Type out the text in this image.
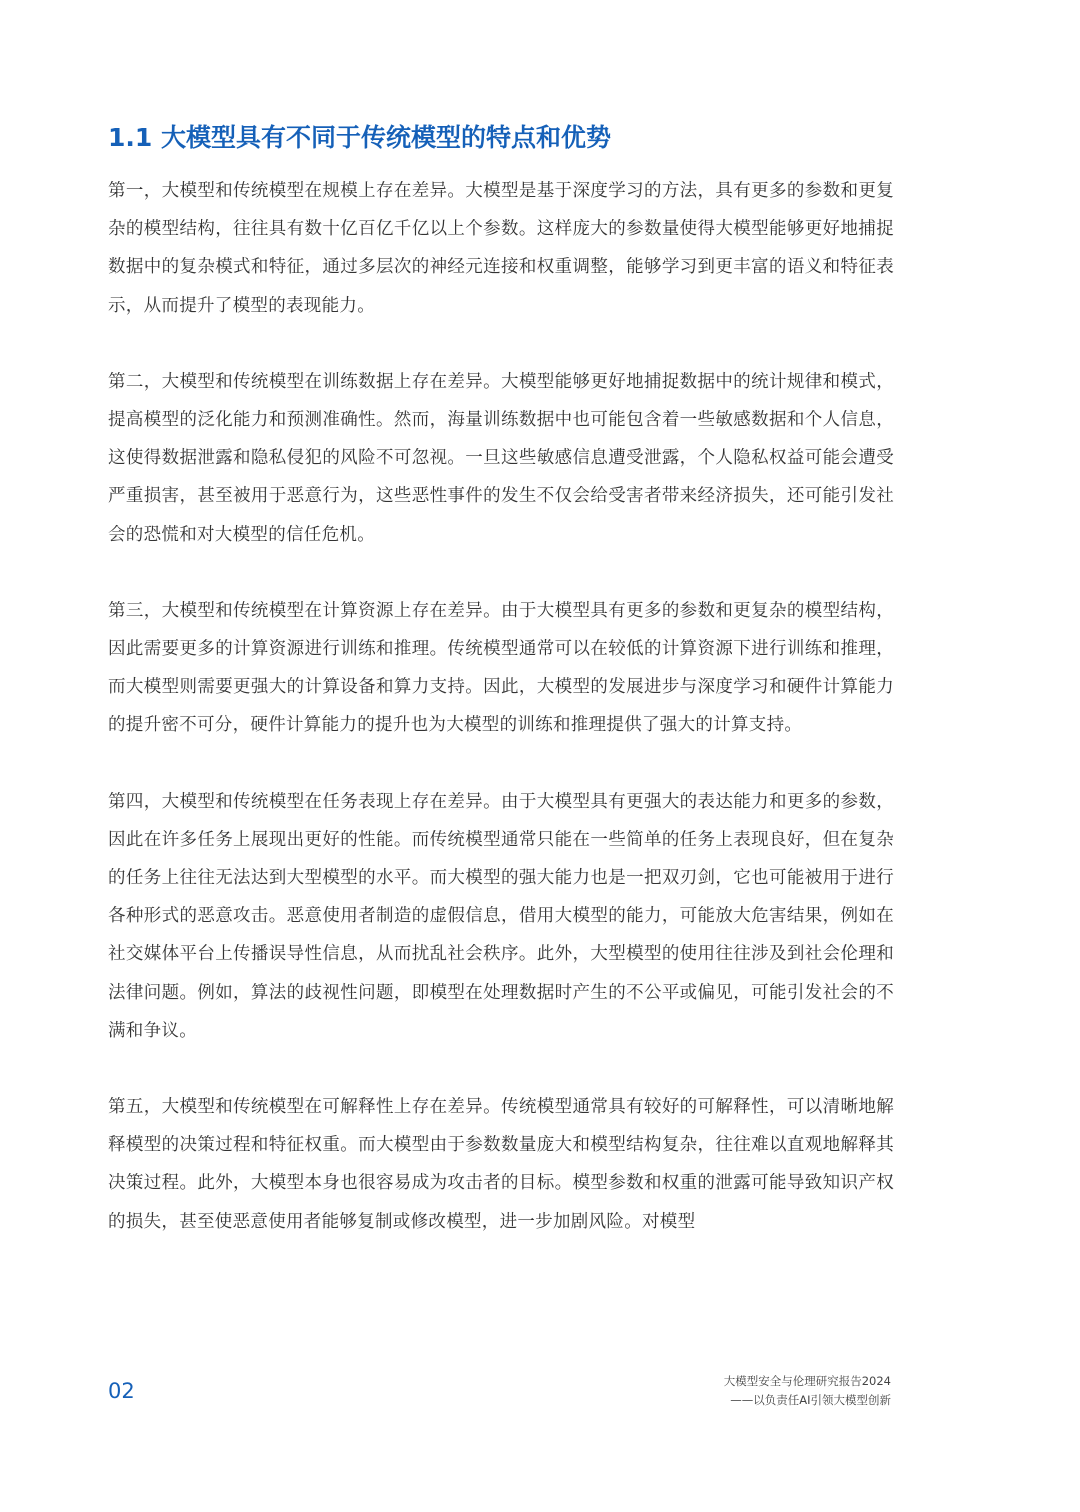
1.1 大模型具有不同于传统模型的特点和优势

第一，大模型和传统模型在规模上存在差异。大模型是基于深度学习的方法，具有更多的参数和更复杂的模型结构，往往具有数十亿百亿千亿以上个参数。这样庞大的参数量使得大模型能够更好地捕捉数据中的复杂模式和特征，通过多层次的神经元连接和权重调整，能够学习到更丰富的语义和特征表示，从而提升了模型的表现能力。

第二，大模型和传统模型在训练数据上存在差异。大模型能够更好地捕捉数据中的统计规律和模式，提高模型的泛化能力和预测准确性。然而，海量训练数据中也可能包含着一些敏感数据和个人信息，这使得数据泄露和隐私侵犯的风险不可忽视。一旦这些敏感信息遭受泄露，个人隐私权益可能会遭受严重损害，甚至被用于恶意行为，这些恶性事件的发生不仅会给受害者带来经济损失，还可能引发社会的恐慌和对大模型的信任危机。

第三，大模型和传统模型在计算资源上存在差异。由于大模型具有更多的参数和更复杂的模型结构，因此需要更多的计算资源进行训练和推理。传统模型通常可以在较低的计算资源下进行训练和推理，而大模型则需要更强大的计算设备和算力支持。因此，大模型的发展进步与深度学习和硬件计算能力的提升密不可分，硬件计算能力的提升也为大模型的训练和推理提供了强大的计算支持。

第四，大模型和传统模型在任务表现上存在差异。由于大模型具有更强大的表达能力和更多的参数，因此在许多任务上展现出更好的性能。而传统模型通常只能在一些简单的任务上表现良好，但在复杂的任务上往往无法达到大型模型的水平。而大模型的强大能力也是一把双刃剑，它也可能被用于进行各种形式的恶意攻击。恶意使用者制造的虚假信息，借用大模型的能力，可能放大危害结果，例如在社交媒体平台上传播误导性信息，从而扰乱社会秩序。此外，大型模型的使用往往涉及到社会伦理和法律问题。例如，算法的歧视性问题，即模型在处理数据时产生的不公平或偏见，可能引发社会的不满和争议。

第五，大模型和传统模型在可解释性上存在差异。传统模型通常具有较好的可解释性，可以清晰地解释模型的决策过程和特征权重。而大模型由于参数数量庞大和模型结构复杂，往往难以直观地解释其决策过程。此外，大模型本身也很容易成为攻击者的目标。模型参数和权重的泄露可能导致知识产权的损失，甚至使恶意使用者能够复制或修改模型，进一步加剧风险。对模型

02	大模型安全与伦理研究报告2024
——以负责任AI引领大模型创新
